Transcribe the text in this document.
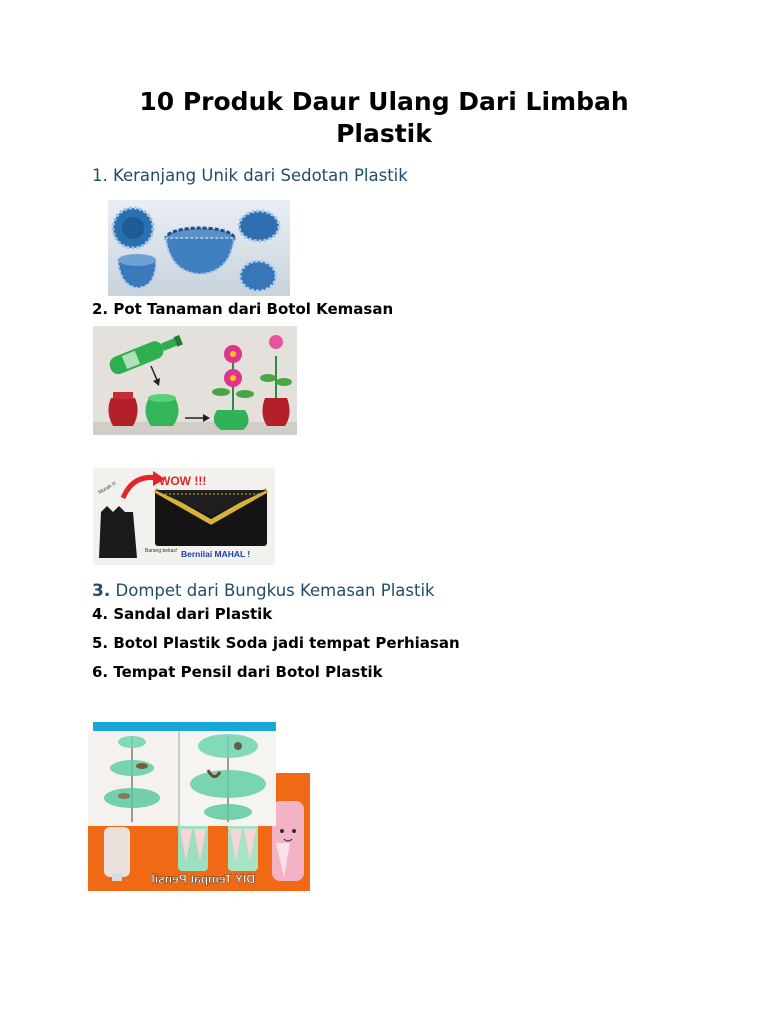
10 Produk Daur Ulang Dari Limbah Plastik
1. Keranjang Unik dari Sedotan Plastik
2. Pot Tanaman dari Botol Kemasan
WOW !!!
Murah !!!
Barang bekas! Bernilai MAHAL !
3. Dompet dari Bungkus Kemasan Plastik
4. Sandal dari Plastik
5. Botol Plastik Soda jadi tempat Perhiasan
6. Tempat Pensil dari Botol Plastik
DIY Tempat Pensil
